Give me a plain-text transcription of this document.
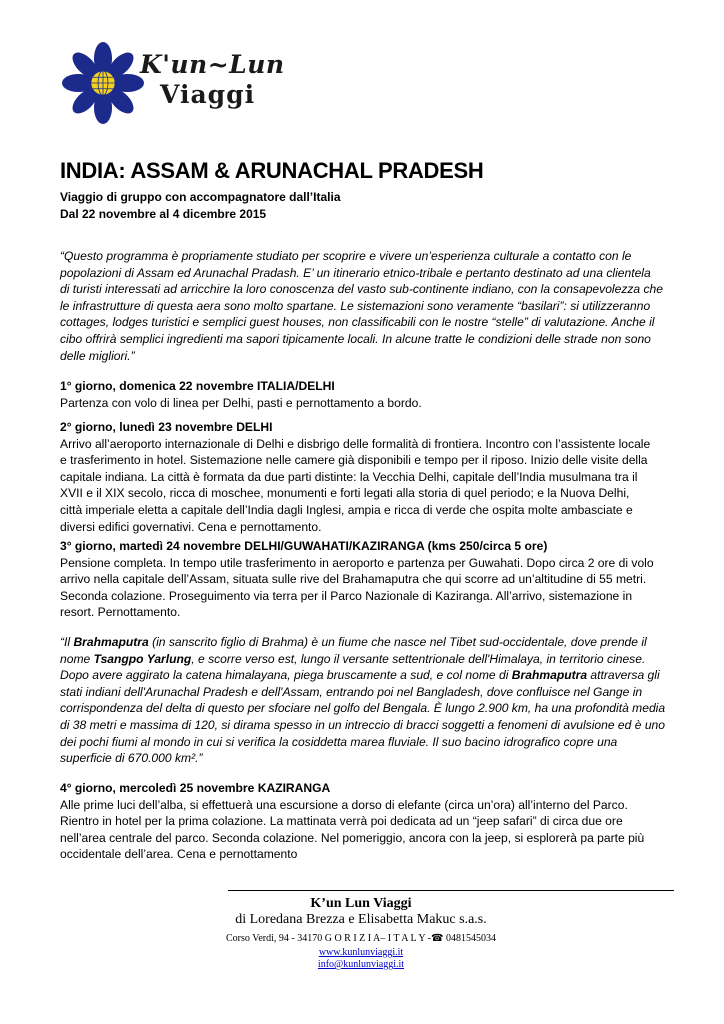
K'un~Lun
Viaggi
INDIA: ASSAM & ARUNACHAL PRADESH
Viaggio di gruppo con accompagnatore dall’Italia
Dal 22 novembre al 4 dicembre 2015
“Questo programma è propriamente studiato per scoprire e vivere un’esperienza culturale a contatto con le
popolazioni di Assam ed Arunachal Pradash. E’ un itinerario etnico-tribale e pertanto destinato ad una clientela
di turisti interessati ad arricchire la loro conoscenza del vasto sub-continente indiano, con la consapevolezza che
le infrastrutture di questa aera sono molto spartane. Le sistemazioni sono veramente “basilari”: si utilizzeranno
cottages, lodges turistici e semplici guest houses, non classificabili con le nostre “stelle” di valutazione. Anche il
cibo offrirà semplici ingredienti ma sapori tipicamente locali. In alcune tratte le condizioni delle strade non sono
delle migliori.”
1° giorno, domenica 22 novembre ITALIA/DELHI
Partenza con volo di linea per Delhi, pasti e pernottamento a bordo.
2° giorno, lunedì 23 novembre DELHI
Arrivo all’aeroporto internazionale di Delhi e disbrigo delle formalità di frontiera. Incontro con l’assistente locale
e trasferimento in hotel. Sistemazione nelle camere già disponibili e tempo per il riposo. Inizio delle visite della
capitale indiana. La città è formata da due parti distinte: la Vecchia Delhi, capitale dell’India musulmana tra il
XVII e il XIX secolo, ricca di moschee, monumenti e forti legati alla storia di quel periodo; e la Nuova Delhi,
città imperiale eletta a capitale dell’India dagli Inglesi, ampia e ricca di verde che ospita molte ambasciate e
diversi edifici governativi. Cena e pernottamento.
3° giorno, martedì 24 novembre DELHI/GUWAHATI/KAZIRANGA (kms 250/circa 5 ore)
Pensione completa. In tempo utile trasferimento in aeroporto e partenza per Guwahati. Dopo circa 2 ore di volo
arrivo nella capitale dell’Assam, situata sulle rive del Brahamaputra che qui scorre ad un’altitudine di 55 metri.
Seconda colazione. Proseguimento via terra per il Parco Nazionale di Kaziranga. All’arrivo, sistemazione in
resort. Pernottamento.
“Il Brahmaputra (in sanscrito figlio di Brahma) è un fiume che nasce nel Tibet sud-occidentale, dove prende il
nome Tsangpo Yarlung, e scorre verso est, lungo il versante settentrionale dell'Himalaya, in territorio cinese.
Dopo avere aggirato la catena himalayana, piega bruscamente a sud, e col nome di Brahmaputra attraversa gli
stati indiani dell'Arunachal Pradesh e dell'Assam, entrando poi nel Bangladesh, dove confluisce nel Gange in
corrispondenza del delta di questo per sfociare nel golfo del Bengala. È lungo 2.900 km, ha una profondità media
di 38 metri e massima di 120, si dirama spesso in un intreccio di bracci soggetti a fenomeni di avulsione ed è uno
dei pochi fiumi al mondo in cui si verifica la cosiddetta marea fluviale. Il suo bacino idrografico copre una
superficie di 670.000 km².”
4° giorno, mercoledì 25 novembre KAZIRANGA
Alle prime luci dell’alba, si effettuerà una escursione a dorso di elefante (circa un’ora) all’interno del Parco.
Rientro in hotel per la prima colazione. La mattinata verrà poi dedicata ad un “jeep safari” di circa due ore
nell’area centrale del parco. Seconda colazione. Nel pomeriggio, ancora con la jeep, si esplorerà pa parte più
occidentale dell’area. Cena e pernottamento
K’un Lun Viaggi
di Loredana Brezza e Elisabetta Makuc s.a.s.
Corso Verdi, 94 - 34170 G O R I Z I A– I T A L Y -☎ 0481545034
www.kunlunviaggi.it
info@kunlunviaggi.it
